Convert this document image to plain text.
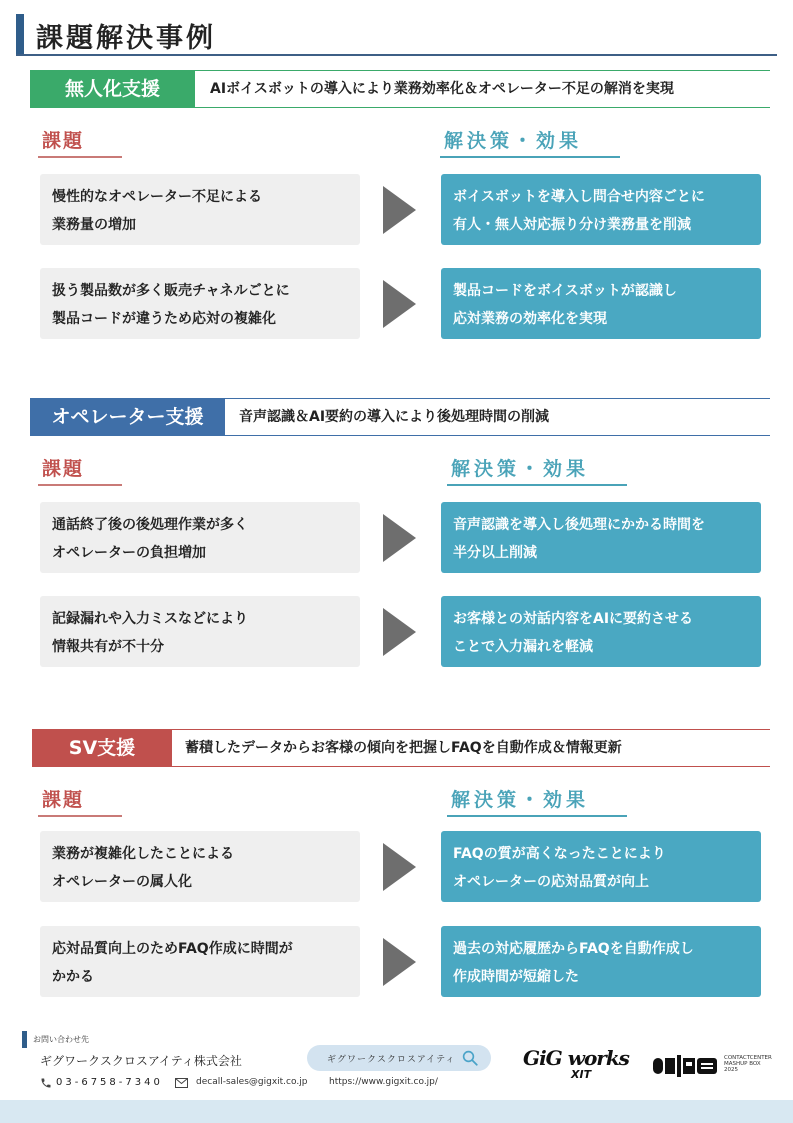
課題解決事例
無人化支援	AIボイスボットの導入により業務効率化＆オペレーター不足の解消を実現
課題	解決策・効果
慢性的なオペレーター不足による
業務量の増加
ボイスボットを導入し問合せ内容ごとに
有人・無人対応振り分け業務量を削減
扱う製品数が多く販売チャネルごとに
製品コードが違うため応対の複雑化
製品コードをボイスボットが認識し
応対業務の効率化を実現
オペレーター支援	音声認識＆AI要約の導入により後処理時間の削減
課題	解決策・効果
通話終了後の後処理作業が多く
オペレーターの負担増加
音声認識を導入し後処理にかかる時間を
半分以上削減
記録漏れや入力ミスなどにより
情報共有が不十分
お客様との対話内容をAIに要約させる
ことで入力漏れを軽減
SV支援	蓄積したデータからお客様の傾向を把握しFAQを自動作成＆情報更新
課題	解決策・効果
業務が複雑化したことによる
オペレーターの属人化
FAQの質が高くなったことにより
オペレーターの応対品質が向上
応対品質向上のためFAQ作成に時間が
かかる
過去の対応履歴からFAQを自動作成し
作成時間が短縮した
お問い合わせ先
ギグワークスクロスアイティ株式会社
03-6758-7340	decall-sales@gigxit.co.jp https://www.gigxit.co.jp/
ギグワークスクロスアイティ	GiG works
XIT
CONTACTCENTER
MASHUP BOX
2025
